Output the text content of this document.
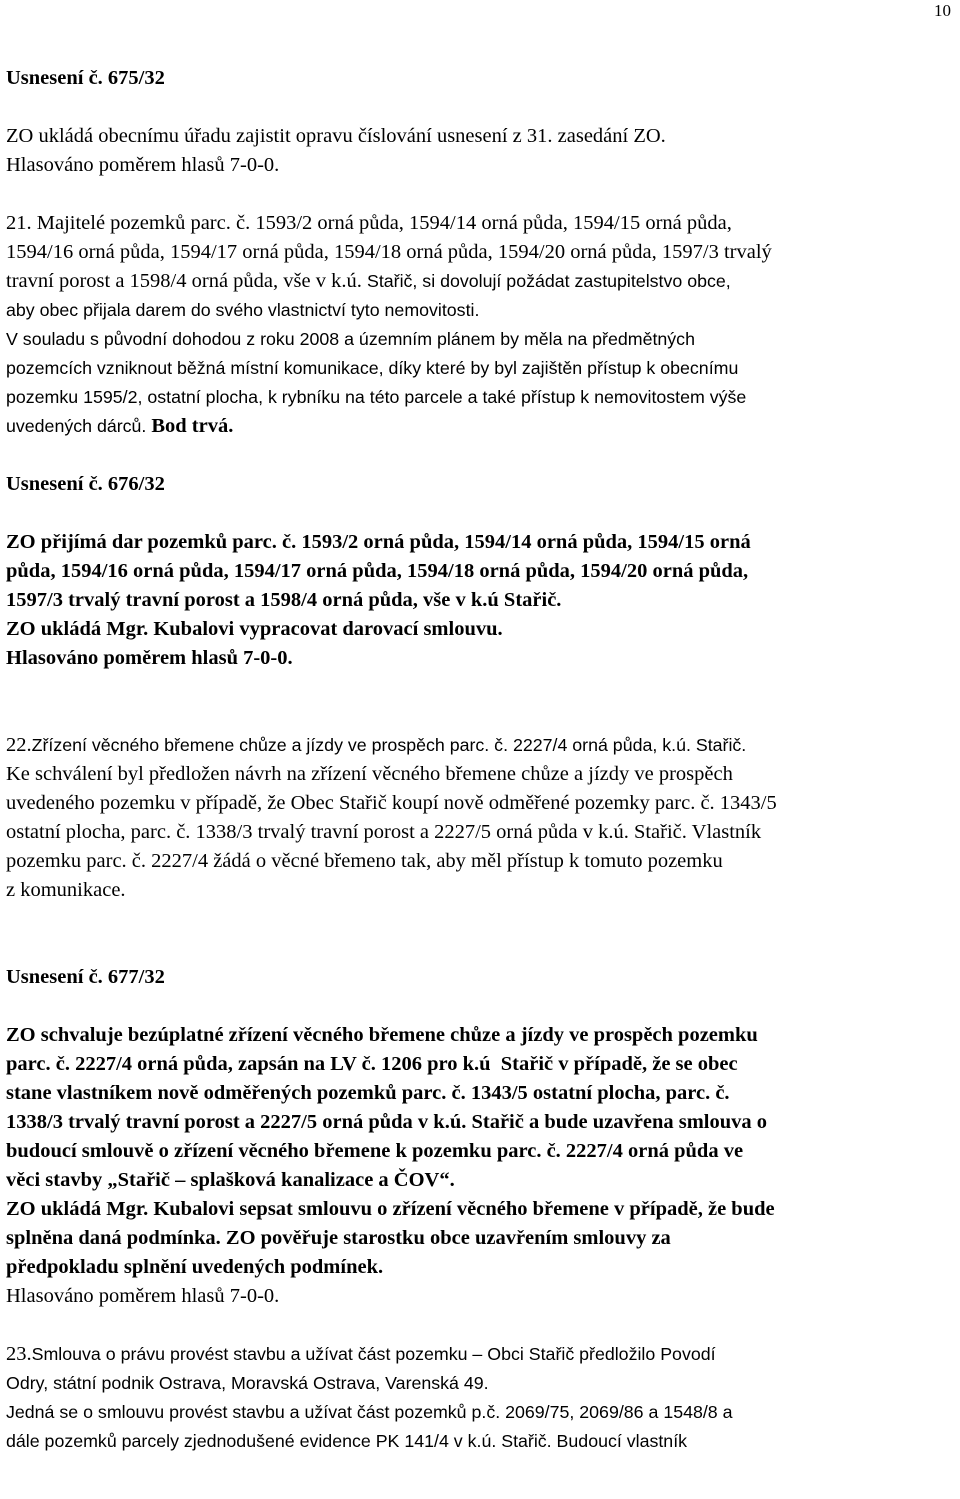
10
Usnesení č. 675/32
ZO ukládá obecnímu úřadu zajistit opravu číslování usnesení z 31. zasedání ZO.
Hlasováno poměrem hlasů 7-0-0.
21. Majitelé pozemků parc. č. 1593/2 orná půda, 1594/14 orná půda, 1594/15 orná půda,
1594/16 orná půda, 1594/17 orná půda, 1594/18 orná půda, 1594/20 orná půda, 1597/3 trvalý
travní porost a 1598/4 orná půda, vše v k.ú. Stařič, si dovolují požádat zastupitelstvo obce,
aby obec přijala darem do svého vlastnictví tyto nemovitosti.
V souladu s původní dohodou z roku 2008 a územním plánem by měla na předmětných
pozemcích vzniknout běžná místní komunikace, díky které by byl zajištěn přístup k obecnímu
pozemku 1595/2, ostatní plocha, k rybníku na této parcele a také přístup k nemovitostem výše
uvedených dárců. Bod trvá.
Usnesení č. 676/32
ZO přijímá dar pozemků parc. č. 1593/2 orná půda, 1594/14 orná půda, 1594/15 orná
půda, 1594/16 orná půda, 1594/17 orná půda, 1594/18 orná půda, 1594/20 orná půda,
1597/3 trvalý travní porost a 1598/4 orná půda, vše v k.ú Stařič.
ZO ukládá Mgr. Kubalovi vypracovat darovací smlouvu.
Hlasováno poměrem hlasů 7-0-0.
22.Zřízení věcného břemene chůze a jízdy ve prospěch parc. č. 2227/4 orná půda, k.ú. Stařič.
Ke schválení byl předložen návrh na zřízení věcného břemene chůze a jízdy ve prospěch
uvedeného pozemku v případě, že Obec Stařič koupí nově odměřené pozemky parc. č. 1343/5
ostatní plocha, parc. č. 1338/3 trvalý travní porost a 2227/5 orná půda v k.ú. Stařič. Vlastník
pozemku parc. č. 2227/4 žádá o věcné břemeno tak, aby měl přístup k tomuto pozemku
z komunikace.
Usnesení č. 677/32
ZO schvaluje bezúplatné zřízení věcného břemene chůze a jízdy ve prospěch pozemku
parc. č. 2227/4 orná půda, zapsán na LV č. 1206 pro k.ú  Stařič v případě, že se obec
stane vlastníkem nově odměřených pozemků parc. č. 1343/5 ostatní plocha, parc. č.
1338/3 trvalý travní porost a 2227/5 orná půda v k.ú. Stařič a bude uzavřena smlouva o
budoucí smlouvě o zřízení věcného břemene k pozemku parc. č. 2227/4 orná půda ve
věci stavby „Stařič – splašková kanalizace a ČOV“.
ZO ukládá Mgr. Kubalovi sepsat smlouvu o zřízení věcného břemene v případě, že bude
splněna daná podmínka. ZO pověřuje starostku obce uzavřením smlouvy za
předpokladu splnění uvedených podmínek.
Hlasováno poměrem hlasů 7-0-0.
23.Smlouva o právu provést stavbu a užívat část pozemku – Obci Stařič předložilo Povodí
Odry, státní podnik Ostrava, Moravská Ostrava, Varenská 49.
Jedná se o smlouvu provést stavbu a užívat část pozemků p.č. 2069/75, 2069/86 a 1548/8 a
dále pozemků parcely zjednodušené evidence PK 141/4 v k.ú. Stařič. Budoucí vlastník
